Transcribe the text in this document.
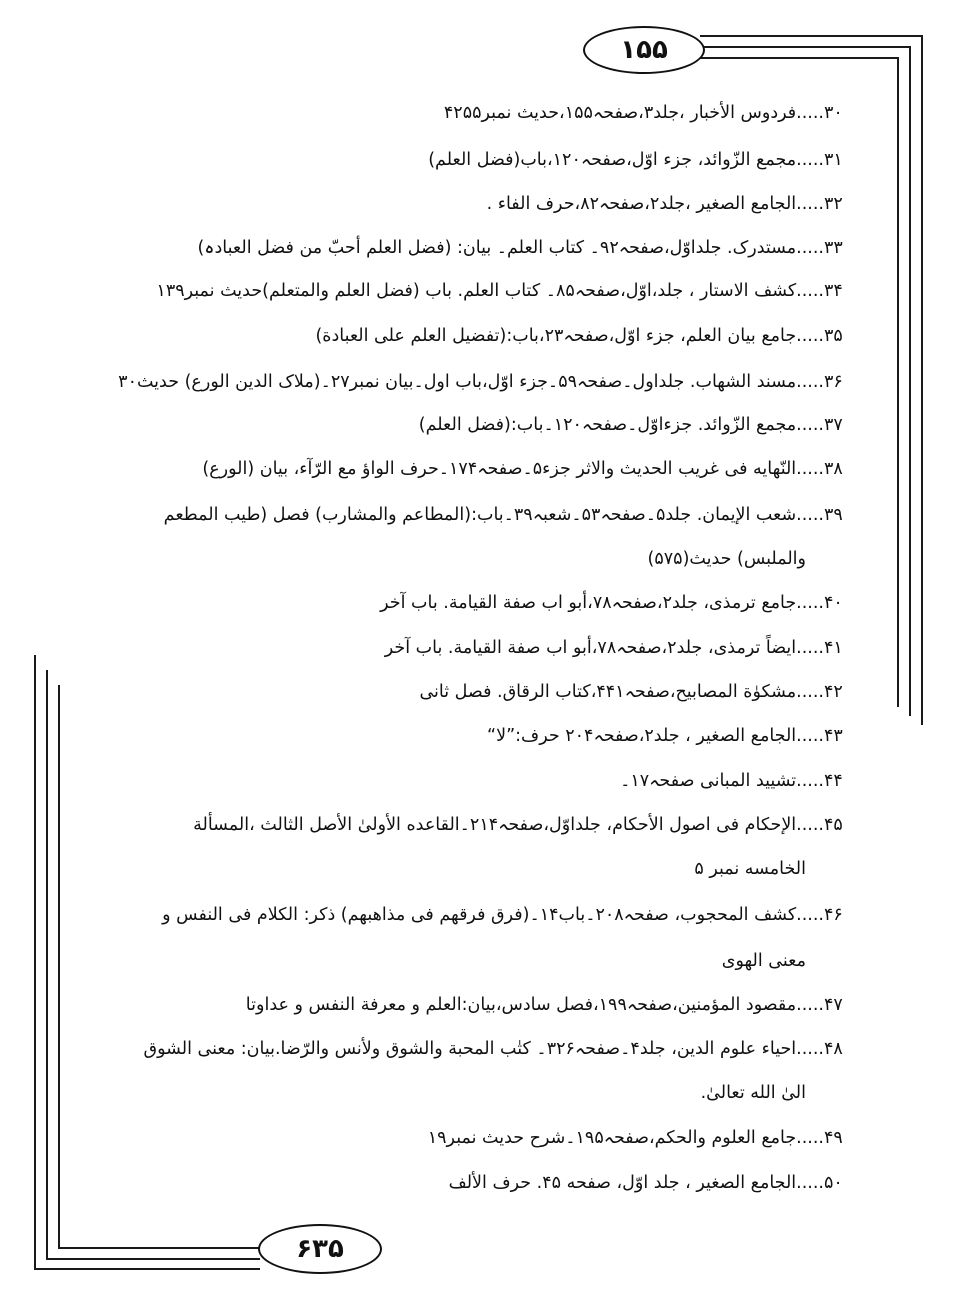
۱۵۵
۶۳۵
۳۰.....فردوس الأخبار ،جلد۳،صفحہ۱۵۵،حدیث نمبر۴۲۵۵
۳۱.....مجمع الزّوائد، جزء اوّل،صفحہ۱۲۰،باب(فضل العلم)
۳۲.....الجامع الصغیر ،جلد۲،صفحہ۸۲،حرف الفاء .
۳۳.....مستدرک. جلداوّل،صفحہ۹۲۔ کتاب العلم۔ بیان: (فضل العلم أحبّ من فضل العبادہ)
۳۴.....کشف الاستار ، جلد،اوّل،صفحہ۸۵۔ کتاب العلم. باب (فضل العلم والمتعلم)حدیث نمبر۱۳۹
۳۵.....جامع بیان العلم، جزء اوّل،صفحہ۲۳،باب:(تفضیل العلم علی العبادة)
۳۶.....مسند الشهاب. جلداول۔صفحہ۵۹۔جزء اوّل،باب اول۔بیان نمبر۲۷۔(ملاک الدین الورع) حدیث۳۰
۳۷.....مجمع الزّوائد. جزءاوّل۔صفحہ۱۲۰۔باب:(فضل العلم)
۳۸.....النّهایه فی غریب الحدیث والاثر جزء۵۔صفحہ۱۷۴۔حرف الواؤ مع الرّآء، بیان (الورع)
۳۹.....شعب الإیمان. جلد۵۔صفحہ۵۳۔شعبہ۳۹۔باب:(المطاعم والمشارب) فصل (طیب المطعم
والملبس) حدیث(۵۷۵)
۴۰.....جامع ترمذی، جلد۲،صفحہ۷۸،أبو اب صفة القیامة. باب آخر
۴۱.....ایضاً ترمذی، جلد۲،صفحہ۷۸،أبو اب صفة القیامة. باب آخر
۴۲.....مشکوٰة المصابیح،صفحہ۴۴۱،کتاب الرقاق. فصل ثانی
۴۳.....الجامع الصغیر ، جلد۲،صفحہ۲۰۴ حرف:”لا“
۴۴.....تشیید المبانی صفحہ۱۷۔
۴۵.....الإحکام فی اصول الأحکام، جلداوّل،صفحہ۲۱۴۔القاعده الأولیٰ الأصل الثالث ،المسألة
الخامسه نمبر ۵
۴۶.....کشف المحجوب، صفحہ۲۰۸۔باب۱۴۔(فرق فرقهم فی مذاهبهم) ذکر: الکلام فی النفس و
معنی الهوی
۴۷.....مقصود المؤمنین،صفحہ۱۹۹،فصل سادس،بیان:العلم و معرفة النفس و عداوتا
۴۸.....احیاء علوم الدین، جلد۴۔صفحہ۳۲۶۔ کتٰب المحبة والشوق ولأنس والرّضا.بیان: معنی الشوق
الیٰ الله تعالیٰ.
۴۹.....جامع العلوم والحکم،صفحہ۱۹۵۔شرح حدیث نمبر۱۹
۵۰.....الجامع الصغیر ، جلد اوّل، صفحه ۴۵. حرف الألف
